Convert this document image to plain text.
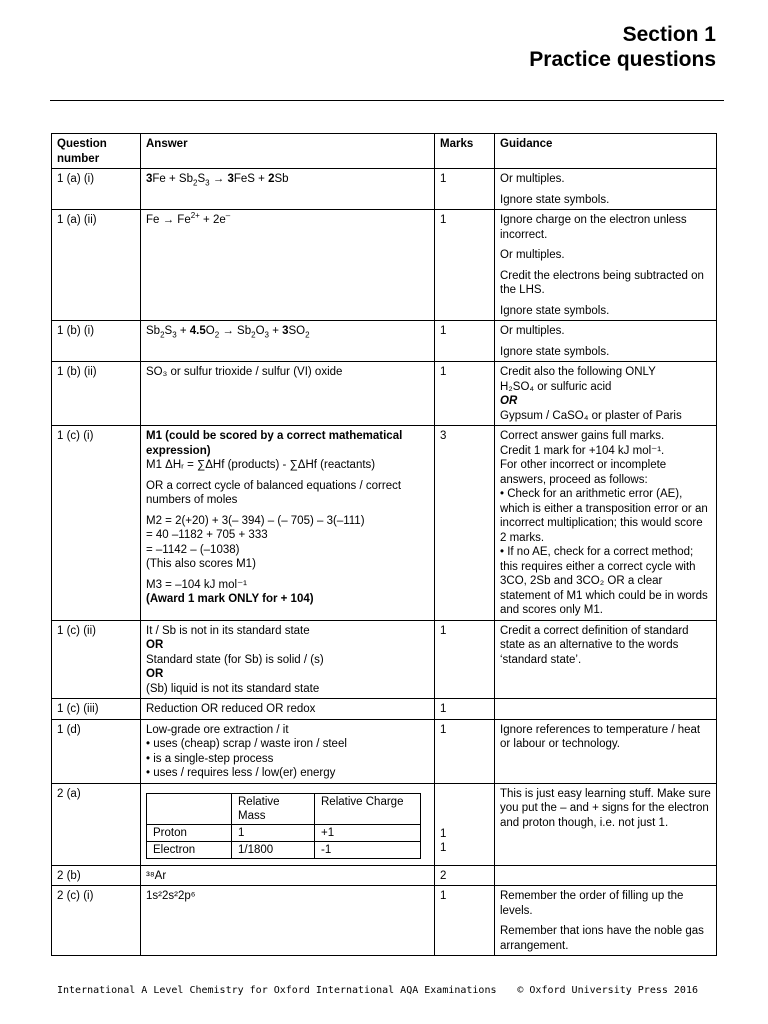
Section 1
Practice questions
Question number	Answer	Marks	Guidance
1 (a) (i)	$3Fe + Sb_2S_3 \to 3FeS + 2Sb$	1	Or multiples.
Ignore state symbols.

1 (a) (ii)	$Fe \to Fe^{2+} + 2e^-$	1	Ignore charge on the electron unless incorrect.
Or multiples.
Credit the electrons being subtracted on the LHS.
Ignore state symbols.

1 (b) (i)	$Sb_2S_3 + 4.5O_2 \to Sb_2O_3 + 3SO_2$	1	Or multiples.
Ignore state symbols.

1 (b) (ii)	SO₃ or sulfur trioxide / sulfur (VI) oxide	1	Credit also the following ONLY
H₂SO₄ or sulfuric acid
OR
Gypsum / CaSO₄ or plaster of Paris

1 (c) (i)	M1 (could be scored by a correct mathematical expression)
M1 ΔHᵣ = ∑ΔHf (products) - ∑ΔHf (reactants)
OR a correct cycle of balanced equations / correct numbers of moles
M2 = 2(+20) + 3(– 394) – (– 705) – 3(–111)
= 40 –1182 + 705 + 333
= –1142 – (–1038)
(This also scores M1)
M3 = –104 kJ mol⁻¹
(Award 1 mark ONLY for + 104)
	3	Correct answer gains full marks.
Credit 1 mark for +104 kJ mol⁻¹.
For other incorrect or incomplete answers, proceed as follows:
• Check for an arithmetic error (AE), which is either a transposition error or an incorrect multiplication; this would score 2 marks.
• If no AE, check for a correct method; this requires either a correct cycle with 3CO, 2Sb and 3CO₂ OR a clear statement of M1 which could be in words and scores only M1.

1 (c) (ii)	It / Sb is not in its standard state
OR
Standard state (for Sb) is solid / (s)
OR
(Sb) liquid is not its standard state
	1	Credit a correct definition of standard state as an alternative to the words ‘standard state’.
1 (c) (iii)	Reduction OR reduced OR redox	1	
1 (d)	Low-grade ore extraction / it
• uses (cheap) scrap / waste iron / steel
• is a single-step process
• uses / requires less / low(er) energy
	1	Ignore references to temperature / heat or labour or technology.
2 (a)	
	Relative Mass	Relative Charge
Proton	1	+1
Electron	1/1800	-1

1
1
	This is just easy learning stuff. Make sure you put the – and + signs for the electron and proton though, i.e. not just 1.
2 (b)	³⁸Ar	2	
2 (c) (i)	1s²2s²2p⁶	1	Remember the order of filling up the levels.
Remember that ions have the noble gas arrangement.
International A Level Chemistry for Oxford International AQA Examinations © Oxford University Press 2016
